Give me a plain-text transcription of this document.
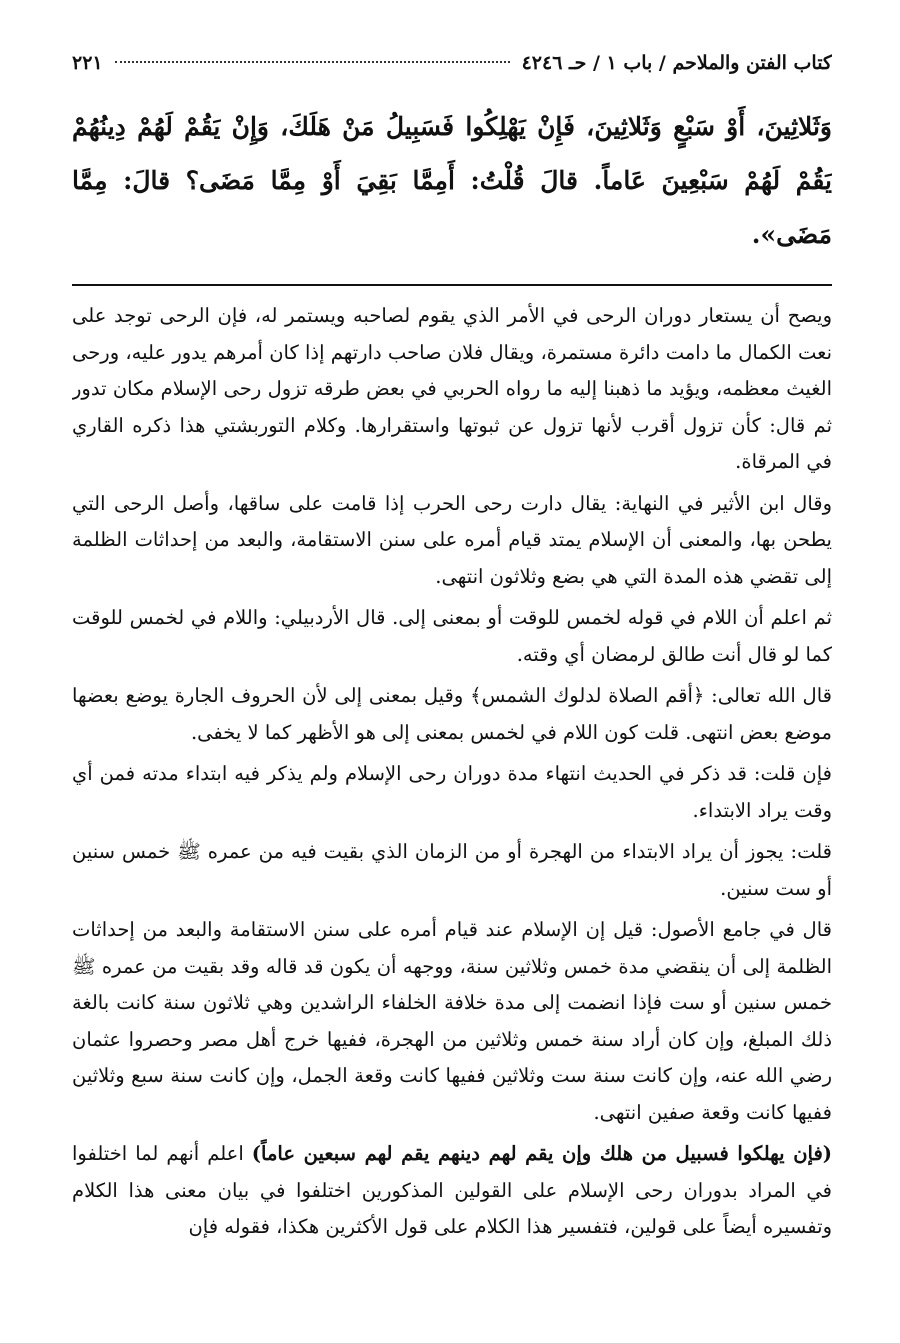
كتاب الفتن والملاحم / باب ١ / حـ ٤٢٤٦
٢٢١
وَثَلاثِينَ، أَوْ سَبْعٍ وَثَلاثِينَ، فَإِنْ يَهْلِكُوا فَسَبِيلُ مَنْ هَلَكَ، وَإِنْ يَقُمْ لَهُمْ دِينُهُمْ يَقُمْ لَهُمْ سَبْعِينَ عَاماً. قالَ قُلْتُ: أَمِمَّا بَقِيَ أَوْ مِمَّا مَضَى؟ قالَ: مِمَّا مَضَى».

ويصح أن يستعار دوران الرحى في الأمر الذي يقوم لصاحبه ويستمر له، فإن الرحى توجد على نعت الكمال ما دامت دائرة مستمرة، ويقال فلان صاحب دارتهم إذا كان أمرهم يدور عليه، ورحى الغيث معظمه، ويؤيد ما ذهبنا إليه ما رواه الحربي في بعض طرقه تزول رحى الإسلام مكان تدور ثم قال: كأن تزول أقرب لأنها تزول عن ثبوتها واستقرارها. وكلام التوربشتي هذا ذكره القاري في المرقاة.

وقال ابن الأثير في النهاية: يقال دارت رحى الحرب إذا قامت على ساقها، وأصل الرحى التي يطحن بها، والمعنى أن الإسلام يمتد قيام أمره على سنن الاستقامة، والبعد من إحداثات الظلمة إلى تقضي هذه المدة التي هي بضع وثلاثون انتهى.

ثم اعلم أن اللام في قوله لخمس للوقت أو بمعنى إلى. قال الأردبيلي: واللام في لخمس للوقت كما لو قال أنت طالق لرمضان أي وقته.

قال الله تعالى: ﴿أقم الصلاة لدلوك الشمس﴾ وقيل بمعنى إلى لأن الحروف الجارة يوضع بعضها موضع بعض انتهى. قلت كون اللام في لخمس بمعنى إلى هو الأظهر كما لا يخفى.

فإن قلت: قد ذكر في الحديث انتهاء مدة دوران رحى الإسلام ولم يذكر فيه ابتداء مدته فمن أي وقت يراد الابتداء.

قلت: يجوز أن يراد الابتداء من الهجرة أو من الزمان الذي بقيت فيه من عمره ﷺ خمس سنين أو ست سنين.

قال في جامع الأصول: قيل إن الإسلام عند قيام أمره على سنن الاستقامة والبعد من إحداثات الظلمة إلى أن ينقضي مدة خمس وثلاثين سنة، ووجهه أن يكون قد قاله وقد بقيت من عمره ﷺ خمس سنين أو ست فإذا انضمت إلى مدة خلافة الخلفاء الراشدين وهي ثلاثون سنة كانت بالغة ذلك المبلغ، وإن كان أراد سنة خمس وثلاثين من الهجرة، ففيها خرج أهل مصر وحصروا عثمان رضي الله عنه، وإن كانت سنة ست وثلاثين ففيها كانت وقعة الجمل، وإن كانت سنة سبع وثلاثين ففيها كانت وقعة صفين انتهى.

(فإن يهلكوا فسبيل من هلك وإن يقم لهم دينهم يقم لهم سبعين عاماً) اعلم أنهم لما اختلفوا في المراد بدوران رحى الإسلام على القولين المذكورين اختلفوا في بيان معنى هذا الكلام وتفسيره أيضاً على قولين، فتفسير هذا الكلام على قول الأكثرين هكذا، فقوله فإن
